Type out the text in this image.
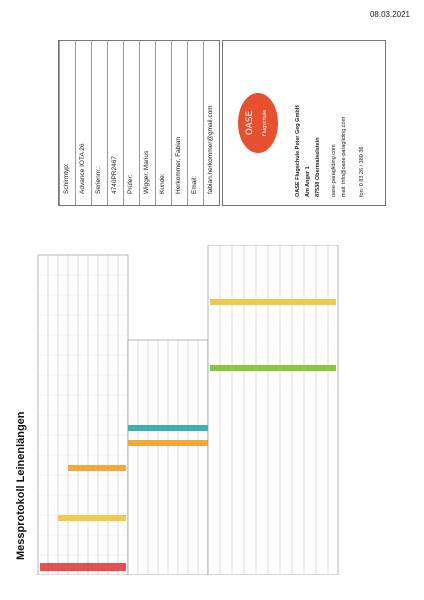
08.03.2021
Messprotokoll Leinenlängen
Schirmtyp: Advance IOTA 26 Seriennr.: 4740PR2467 Prüfer: Wigger, Marius Kunde: Herkommer, Fabian Email: fabian.herkommer@gmail.com	OASE Flugschule	OASE Flugschule Peter Geg GmbH Am Anger 1 87538 Obermaiselstein oase-paragliding.com mail: info@oase-paragliding.com fon: 0 83 26 / 380 36
